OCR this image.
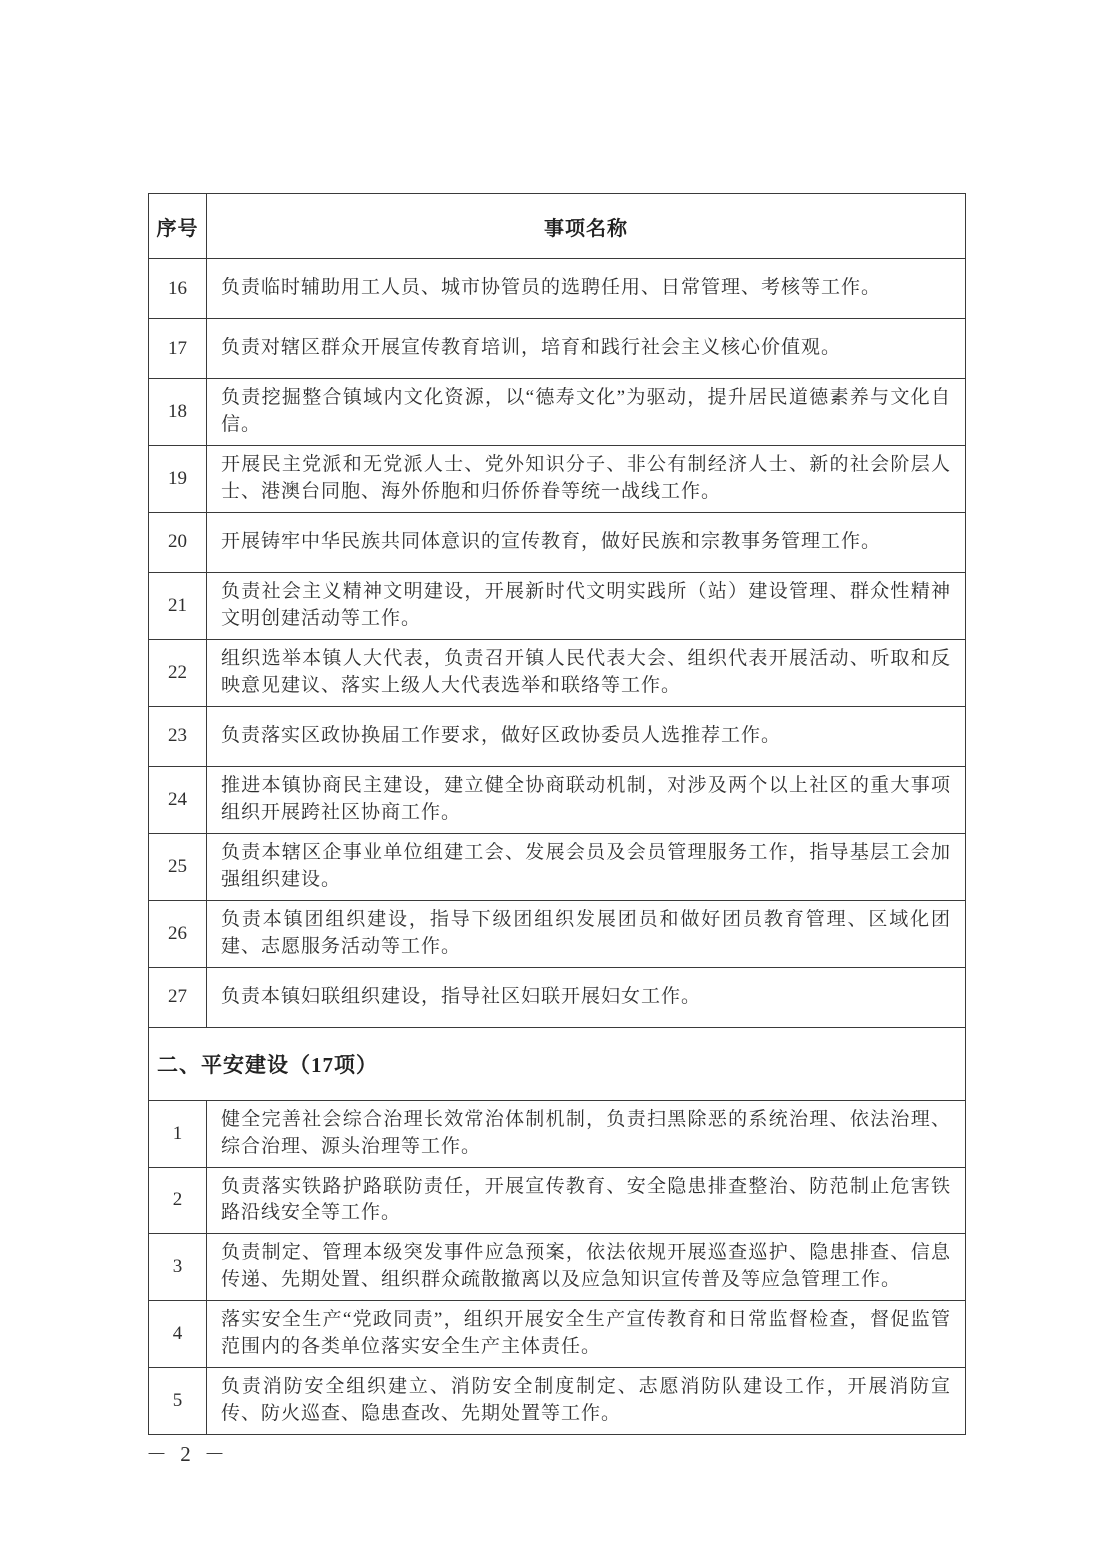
序号	事项名称
16	负责临时辅助用工人员、城市协管员的选聘任用、日常管理、考核等工作。
17	负责对辖区群众开展宣传教育培训，培育和践行社会主义核心价值观。
18	负责挖掘整合镇域内文化资源，以“德寿文化”为驱动，提升居民道德素养与文化自信。
19	开展民主党派和无党派人士、党外知识分子、非公有制经济人士、新的社会阶层人士、港澳台同胞、海外侨胞和归侨侨眷等统一战线工作。
20	开展铸牢中华民族共同体意识的宣传教育，做好民族和宗教事务管理工作。
21	负责社会主义精神文明建设，开展新时代文明实践所（站）建设管理、群众性精神文明创建活动等工作。
22	组织选举本镇人大代表，负责召开镇人民代表大会、组织代表开展活动、听取和反映意见建议、落实上级人大代表选举和联络等工作。
23	负责落实区政协换届工作要求，做好区政协委员人选推荐工作。
24	推进本镇协商民主建设，建立健全协商联动机制，对涉及两个以上社区的重大事项组织开展跨社区协商工作。
25	负责本辖区企事业单位组建工会、发展会员及会员管理服务工作，指导基层工会加强组织建设。
26	负责本镇团组织建设，指导下级团组织发展团员和做好团员教育管理、区域化团建、志愿服务活动等工作。
27	负责本镇妇联组织建设，指导社区妇联开展妇女工作。
二、平安建设（17项）	
1	健全完善社会综合治理长效常治体制机制，负责扫黑除恶的系统治理、依法治理、综合治理、源头治理等工作。
2	负责落实铁路护路联防责任，开展宣传教育、安全隐患排查整治、防范制止危害铁路沿线安全等工作。
3	负责制定、管理本级突发事件应急预案，依法依规开展巡查巡护、隐患排查、信息传递、先期处置、组织群众疏散撤离以及应急知识宣传普及等应急管理工作。
4	落实安全生产“党政同责”，组织开展安全生产宣传教育和日常监督检查，督促监管范围内的各类单位落实安全生产主体责任。
5	负责消防安全组织建立、消防安全制度制定、志愿消防队建设工作，开展消防宣传、防火巡查、隐患查改、先期处置等工作。
－ 2 －
